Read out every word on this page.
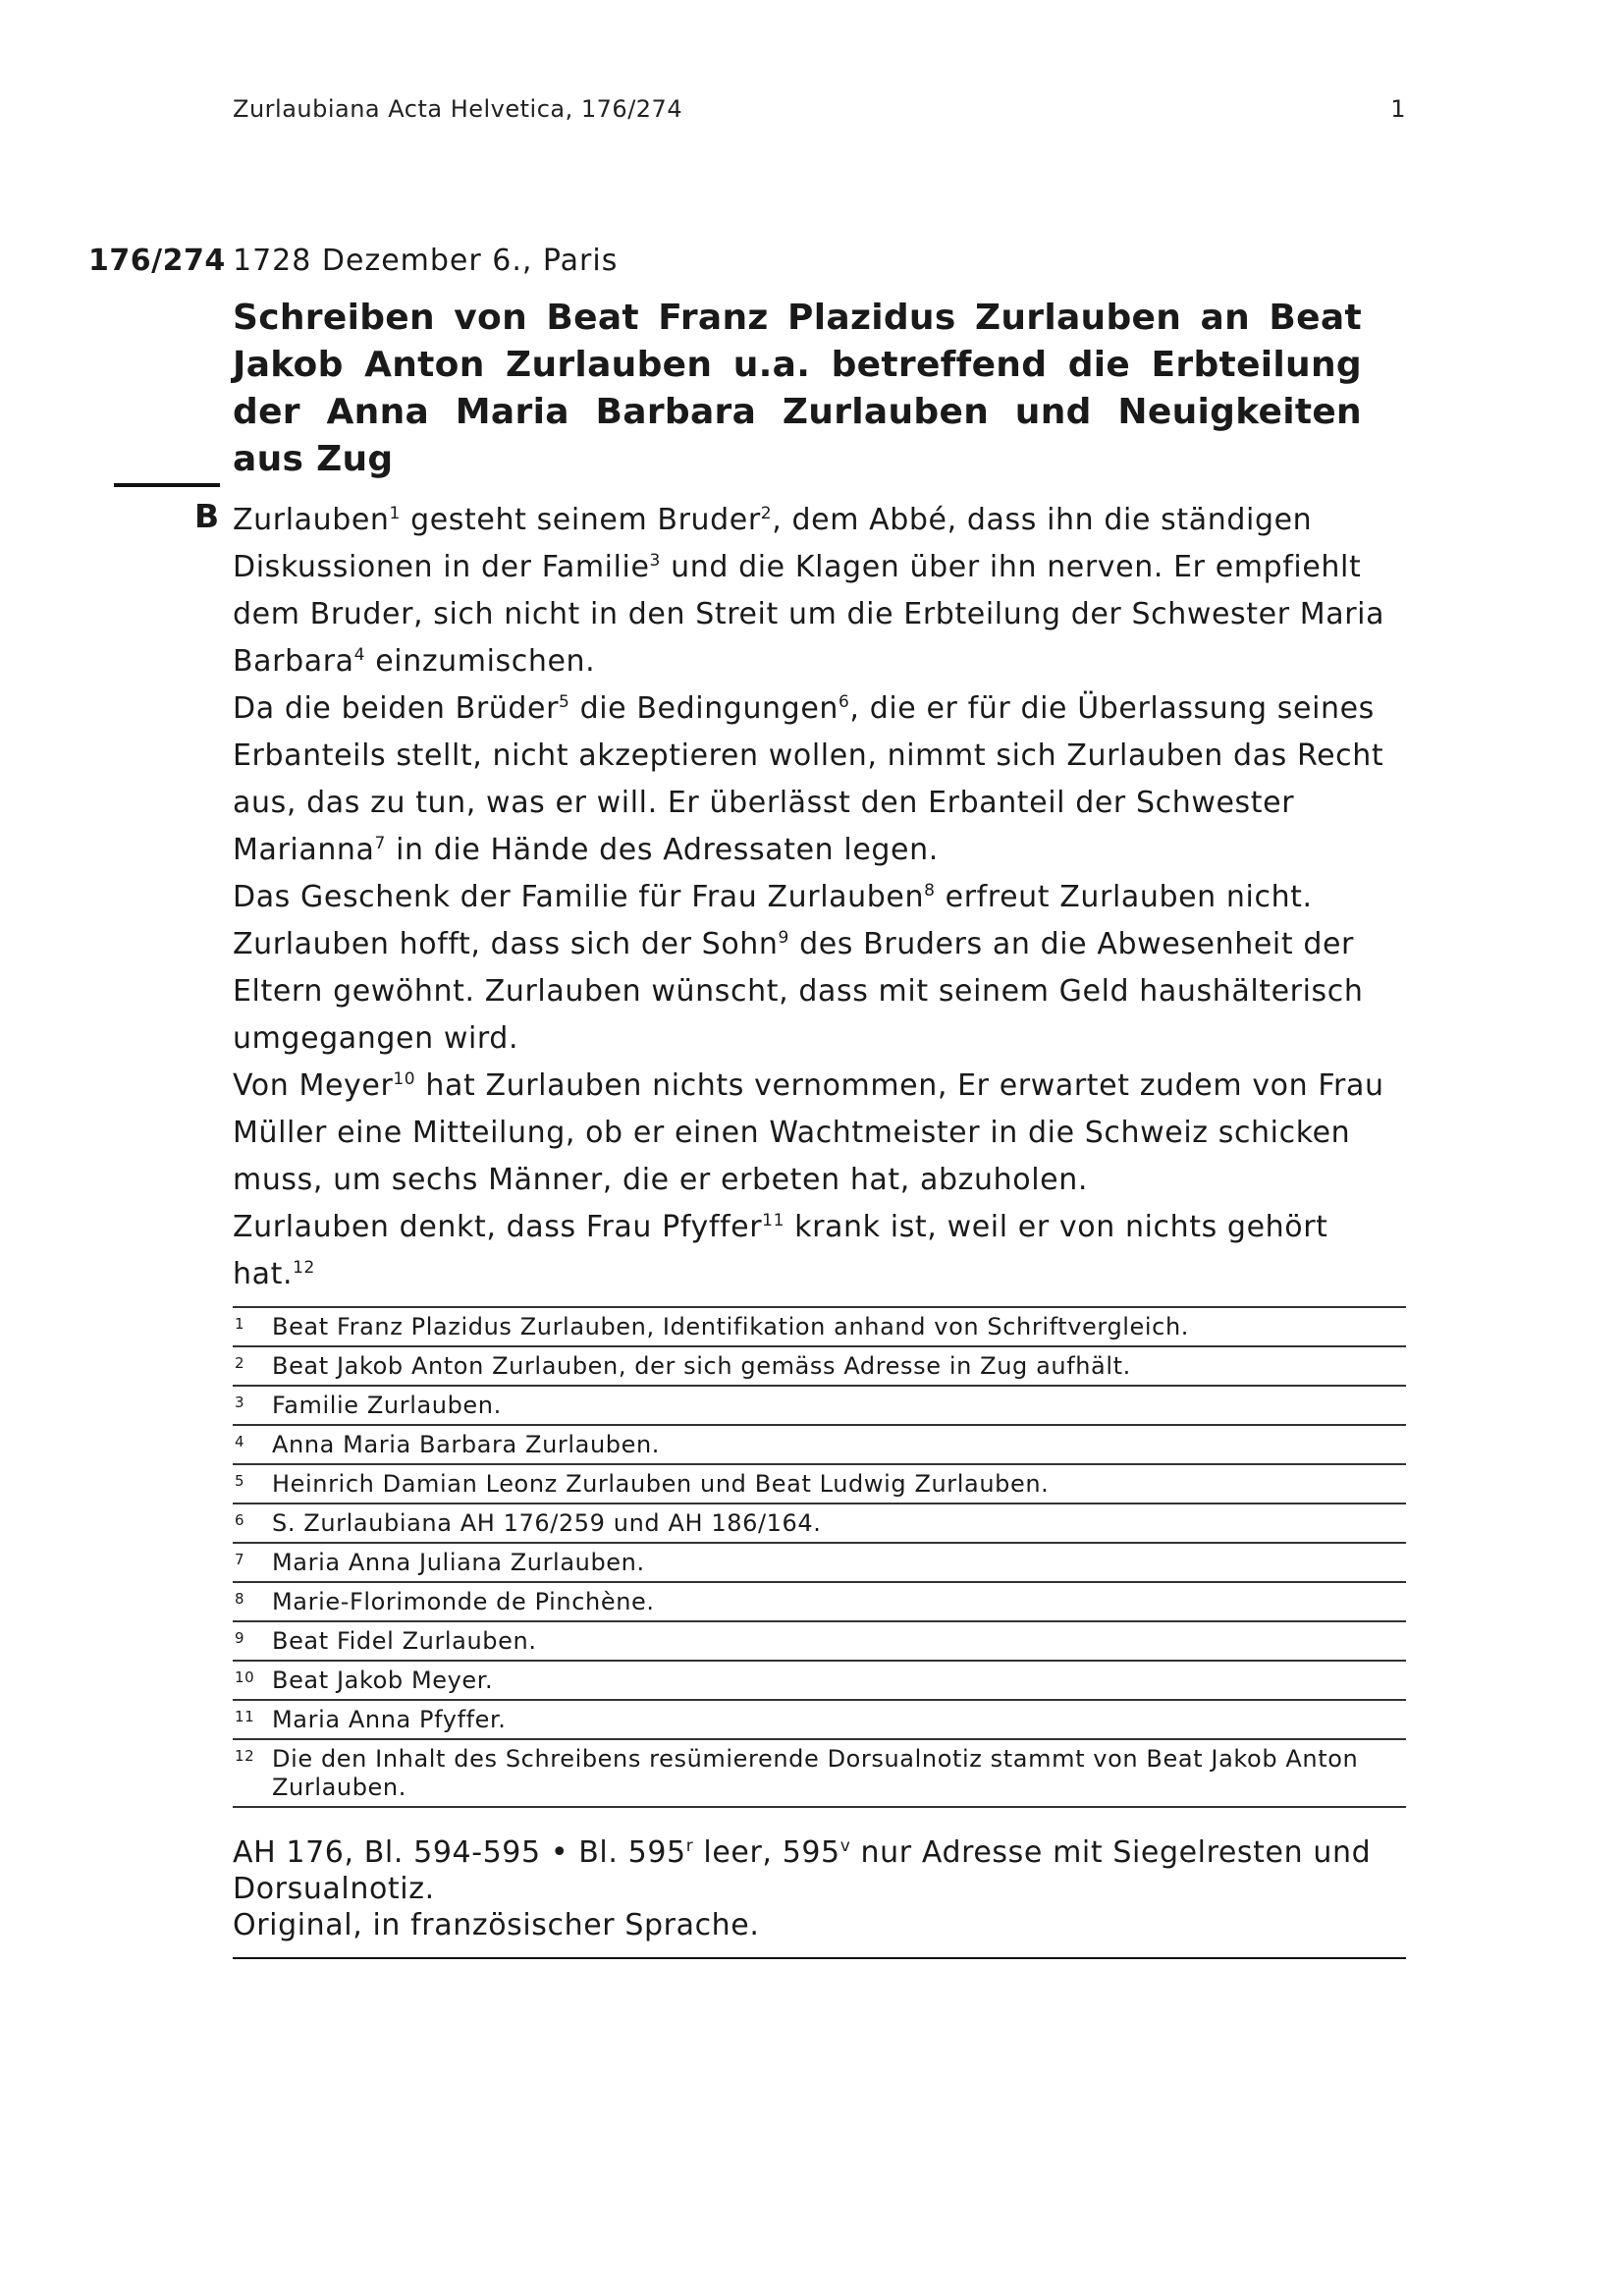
Zurlaubiana Acta Helvetica, 176/274	1
176/274 1728 Dezember 6., Paris
Schreiben von Beat Franz Plazidus Zurlauben an Beat Jakob Anton Zurlauben u.a. betreffend die Erbteilung der Anna Maria Barbara Zurlauben und Neuigkeiten aus Zug
B Zurlauben$^1$ gesteht seinem Bruder$^2$, dem Abbé, dass ihn die ständigen Diskussionen in der Familie$^3$ und die Klagen über ihn nerven. Er empfiehlt dem Bruder, sich nicht in den Streit um die Erbteilung der Schwester Maria Barbara$^4$ einzumischen.

Da die beiden Brüder$^5$ die Bedingungen$^6$, die er für die Überlassung seines Erbanteils stellt, nicht akzeptieren wollen, nimmt sich Zurlauben das Recht aus, das zu tun, was er will. Er überlässt den Erbanteil der Schwester Marianna$^7$ in die Hände des Adressaten legen.

Das Geschenk der Familie für Frau Zurlauben$^8$ erfreut Zurlauben nicht. Zurlauben hofft, dass sich der Sohn$^9$ des Bruders an die Abwesenheit der Eltern gewöhnt. Zurlauben wünscht, dass mit seinem Geld haushälterisch umgegangen wird.

Von Meyer$^{10}$ hat Zurlauben nichts vernommen, Er erwartet zudem von Frau Müller eine Mitteilung, ob er einen Wachtmeister in die Schweiz schicken muss, um sechs Männer, die er erbeten hat, abzuholen.

Zurlauben denkt, dass Frau Pfyffer$^{11}$ krank ist, weil er von nichts gehört hat.$^{12}$

1 Beat Franz Plazidus Zurlauben, Identifikation anhand von Schriftvergleich.
2 Beat Jakob Anton Zurlauben, der sich gemäss Adresse in Zug aufhält.
3 Familie Zurlauben.
4 Anna Maria Barbara Zurlauben.
5 Heinrich Damian Leonz Zurlauben und Beat Ludwig Zurlauben.
6 S. Zurlaubiana AH 176/259 und AH 186/164.
7 Maria Anna Juliana Zurlauben.
8 Marie-Florimonde de Pinchène.
9 Beat Fidel Zurlauben.
10 Beat Jakob Meyer.
11 Maria Anna Pfyffer.
12 Die den Inhalt des Schreibens resümierende Dorsualnotiz stammt von Beat Jakob Anton Zurlauben.

AH 176, Bl. 594-595 • Bl. 595$^r$ leer, 595$^v$ nur Adresse mit Siegelresten und Dorsualnotiz.

Original, in französischer Sprache.
